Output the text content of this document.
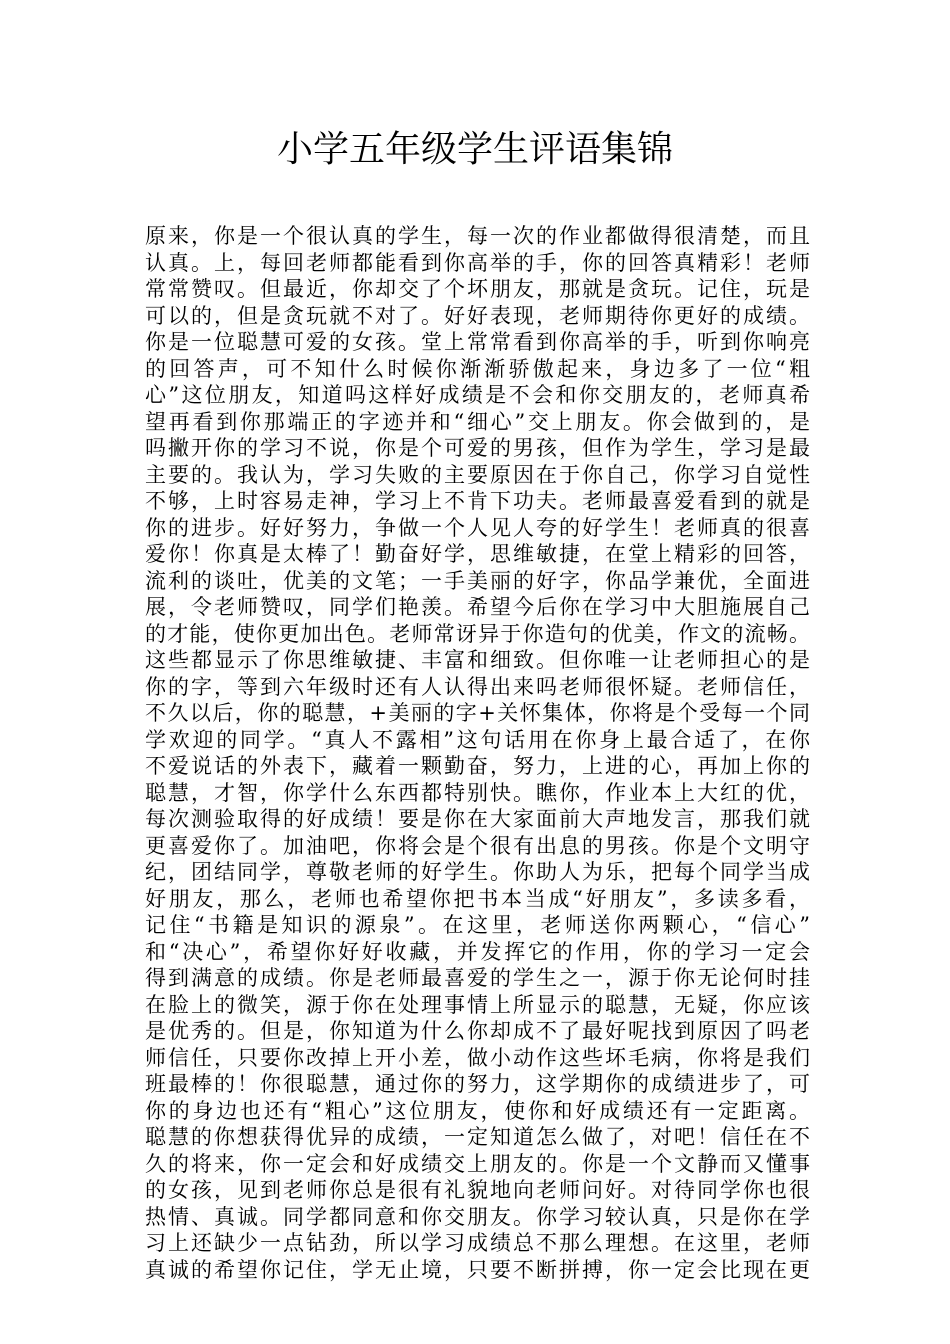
小学五年级学生评语集锦
原来，你是一个很认真的学生，每一次的作业都做得很清楚，而且
认真。上，每回老师都能看到你高举的手，你的回答真精彩！老师
常常赞叹。但最近，你却交了个坏朋友，那就是贪玩。记住，玩是
可以的，但是贪玩就不对了。好好表现，老师期待你更好的成绩。
你是一位聪慧可爱的女孩。堂上常常看到你高举的手，听到你响亮
的回答声，可不知什么时候你渐渐骄傲起来，身边多了一位“粗
心”这位朋友，知道吗这样好成绩是不会和你交朋友的，老师真希
望再看到你那端正的字迹并和“细心”交上朋友。你会做到的，是
吗撇开你的学习不说，你是个可爱的男孩，但作为学生，学习是最
主要的。我认为，学习失败的主要原因在于你自己，你学习自觉性
不够，上时容易走神，学习上不肯下功夫。老师最喜爱看到的就是
你的进步。好好努力，争做一个人见人夸的好学生！老师真的很喜
爱你！你真是太棒了！勤奋好学，思维敏捷，在堂上精彩的回答，
流利的谈吐，优美的文笔；一手美丽的好字，你品学兼优，全面进
展，令老师赞叹，同学们艳羡。希望今后你在学习中大胆施展自己
的才能，使你更加出色。老师常讶异于你造句的优美，作文的流畅。
这些都显示了你思维敏捷、丰富和细致。但你唯一让老师担心的是
你的字，等到六年级时还有人认得出来吗老师很怀疑。老师信任，
不久以后，你的聪慧，+美丽的字+关怀集体，你将是个受每一个同
学欢迎的同学。“真人不露相”这句话用在你身上最合适了，在你
不爱说话的外表下，藏着一颗勤奋，努力，上进的心，再加上你的
聪慧，才智，你学什么东西都特别快。瞧你，作业本上大红的优，
每次测验取得的好成绩！要是你在大家面前大声地发言，那我们就
更喜爱你了。加油吧，你将会是个很有出息的男孩。你是个文明守
纪，团结同学，尊敬老师的好学生。你助人为乐，把每个同学当成
好朋友，那么，老师也希望你把书本当成“好朋友”，多读多看，
记住“书籍是知识的源泉”。在这里，老师送你两颗心，“信心”
和“决心”，希望你好好收藏，并发挥它的作用，你的学习一定会
得到满意的成绩。你是老师最喜爱的学生之一，源于你无论何时挂
在脸上的微笑，源于你在处理事情上所显示的聪慧，无疑，你应该
是优秀的。但是，你知道为什么你却成不了最好呢找到原因了吗老
师信任，只要你改掉上开小差，做小动作这些坏毛病，你将是我们
班最棒的！你很聪慧，通过你的努力，这学期你的成绩进步了，可
你的身边也还有“粗心”这位朋友，使你和好成绩还有一定距离。
聪慧的你想获得优异的成绩，一定知道怎么做了，对吧！信任在不
久的将来，你一定会和好成绩交上朋友的。你是一个文静而又懂事
的女孩，见到老师你总是很有礼貌地向老师问好。对待同学你也很
热情、真诚。同学都同意和你交朋友。你学习较认真，只是你在学
习上还缺少一点钻劲，所以学习成绩总不那么理想。在这里，老师
真诚的希望你记住，学无止境，只要不断拼搏，你一定会比现在更
